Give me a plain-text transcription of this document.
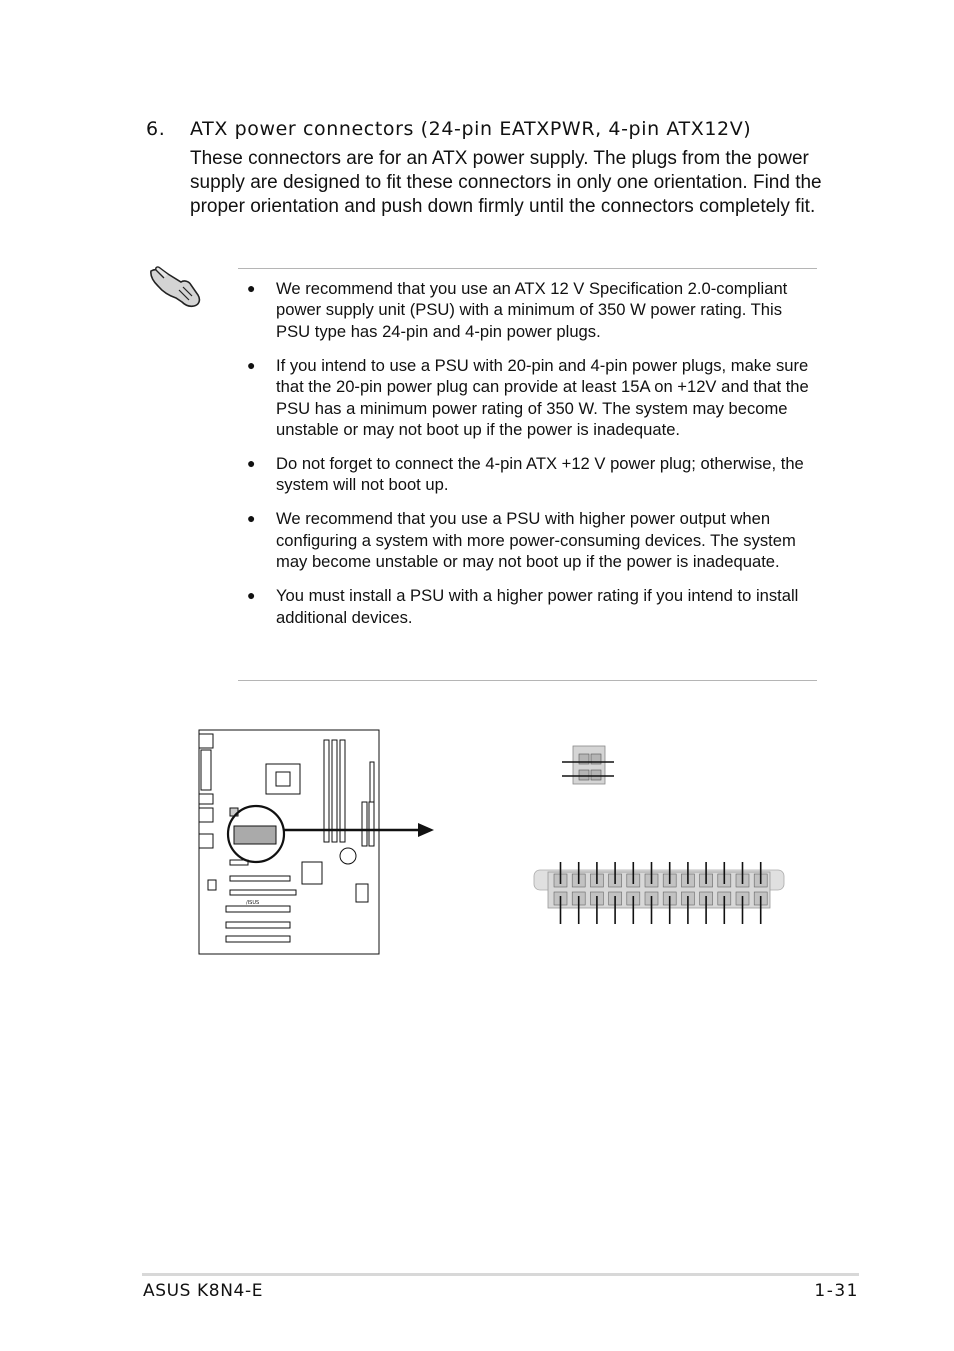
6. ATX power connectors (24-pin EATXPWR, 4-pin ATX12V)
These connectors are for an ATX power supply. The plugs from the power supply are designed to fit these connectors in only one orientation. Find the proper orientation and push down firmly until the connectors completely fit.
● We recommend that you use an ATX 12 V Specification 2.0-compliant power supply unit (PSU) with a minimum of 350 W power rating. This PSU type has 24-pin and 4-pin power plugs.
● If you intend to use a PSU with 20-pin and 4-pin power plugs, make sure that the 20-pin power plug can provide at least 15A on +12V and that the PSU has a minimum power rating of 350 W. The system may become unstable or may not boot up if the power is inadequate.
● Do not forget to connect the 4-pin ATX +12 V power plug; otherwise, the system will not boot up.
● We recommend that you use a PSU with higher power output when configuring a system with more power-consuming devices. The system may become unstable or may not boot up if the power is inadequate.
● You must install a PSU with a higher power rating if you intend to install additional devices.
/ISUS
ASUS K8N4-E	1-31
